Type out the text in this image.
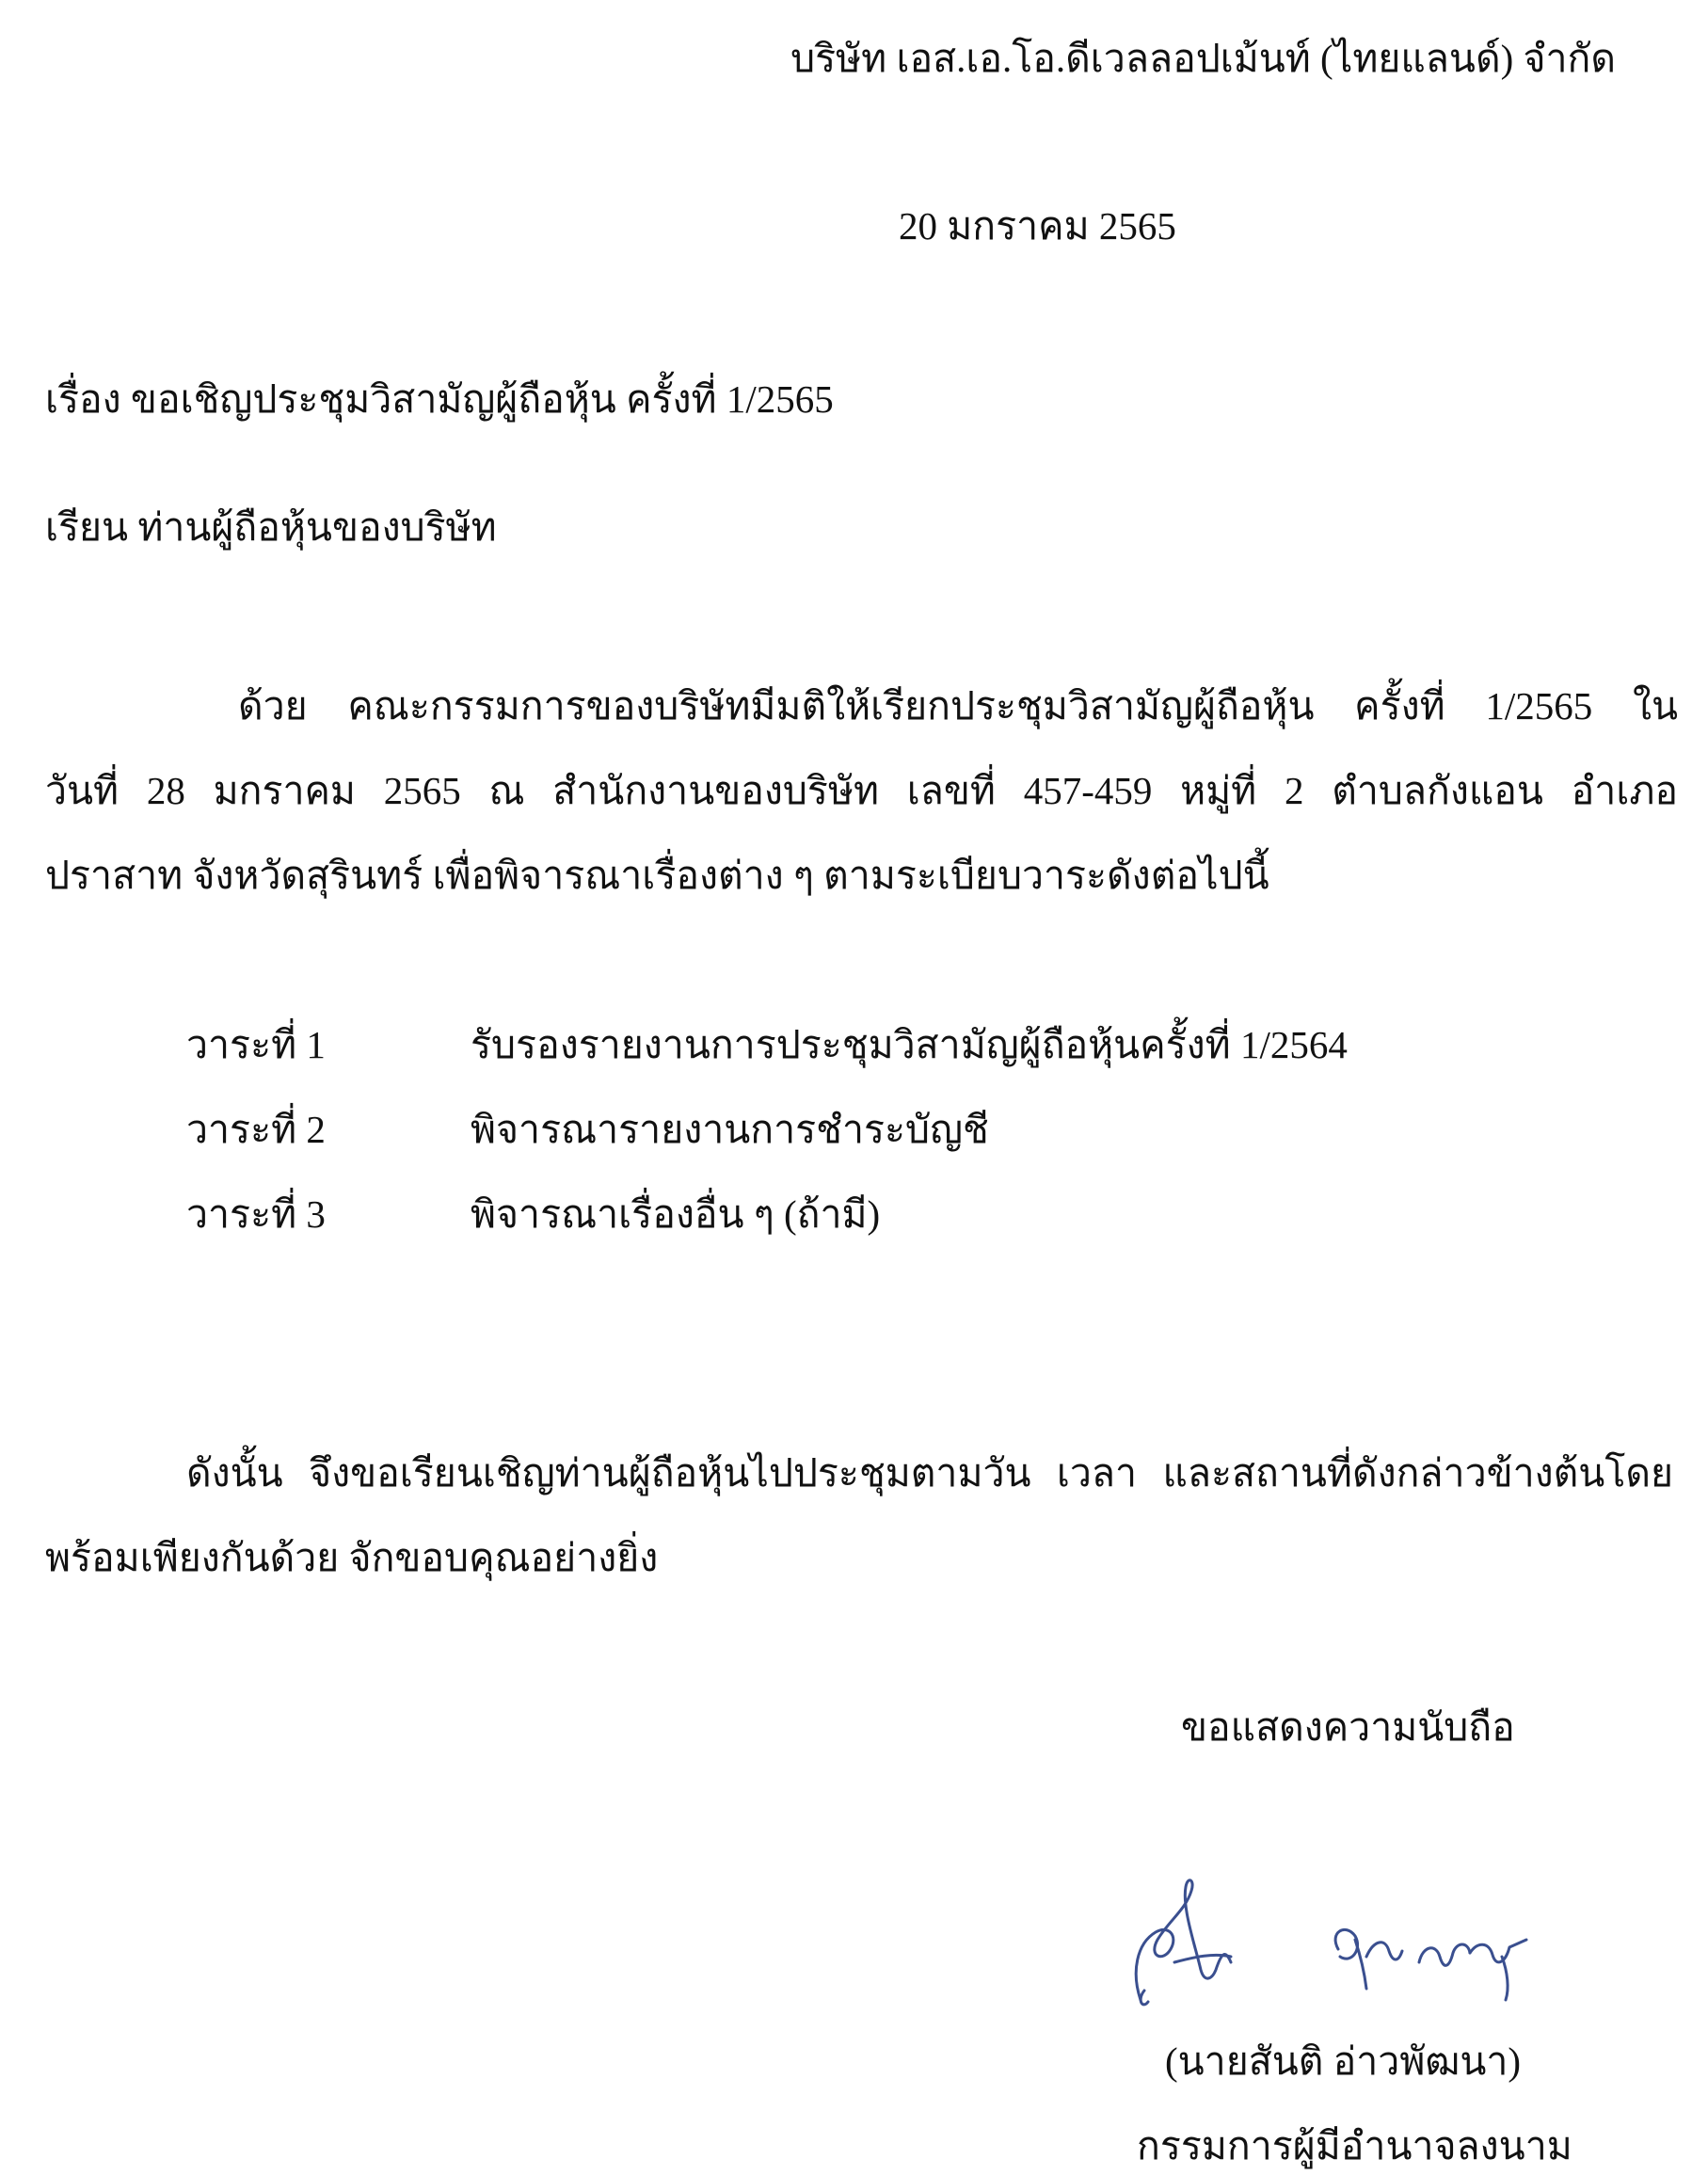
บริษัท เอส.เอ.โอ.ดีเวลลอปเม้นท์ (ไทยแลนด์) จำกัด
20 มกราคม 2565
เรื่อง ขอเชิญประชุมวิสามัญผู้ถือหุ้น ครั้งที่ 1/2565
เรียน ท่านผู้ถือหุ้นของบริษัท
ด้วย คณะกรรมการของบริษัทมีมติให้เรียกประชุมวิสามัญผู้ถือหุ้น ครั้งที่ 1/2565 ใน
วันที่ 28 มกราคม 2565 ณ สำนักงานของบริษัท เลขที่ 457-459 หมู่ที่ 2 ตำบลกังแอน อำเภอ
ปราสาท จังหวัดสุรินทร์ เพื่อพิจารณาเรื่องต่าง ๆ ตามระเบียบวาระดังต่อไปนี้
วาระที่ 1	รับรองรายงานการประชุมวิสามัญผู้ถือหุ้นครั้งที่ 1/2564
วาระที่ 2	พิจารณารายงานการชำระบัญชี
วาระที่ 3	พิจารณาเรื่องอื่น ๆ (ถ้ามี)
ดังนั้น จึงขอเรียนเชิญท่านผู้ถือหุ้นไปประชุมตามวัน เวลา และสถานที่ดังกล่าวข้างต้นโดย
พร้อมเพียงกันด้วย จักขอบคุณอย่างยิ่ง
ขอแสดงความนับถือ
(นายสันติ อ่าวพัฒนา)
กรรมการผู้มีอำนาจลงนาม
